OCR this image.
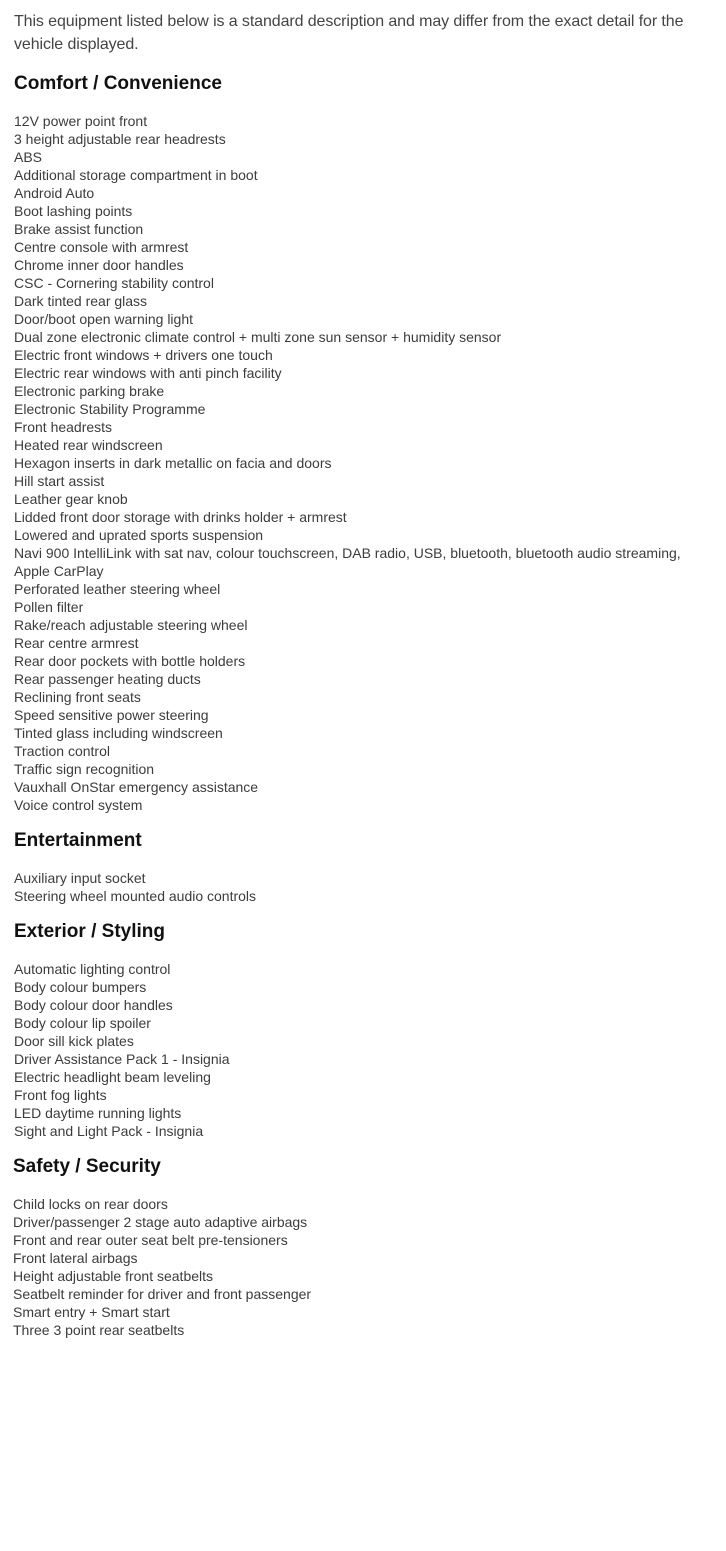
This equipment listed below is a standard description and may differ from the exact detail for the vehicle displayed.

Comfort / Convenience
12V power point front
3 height adjustable rear headrests
ABS
Additional storage compartment in boot
Android Auto
Boot lashing points
Brake assist function
Centre console with armrest
Chrome inner door handles
CSC - Cornering stability control
Dark tinted rear glass
Door/boot open warning light
Dual zone electronic climate control + multi zone sun sensor + humidity sensor
Electric front windows + drivers one touch
Electric rear windows with anti pinch facility
Electronic parking brake
Electronic Stability Programme
Front headrests
Heated rear windscreen
Hexagon inserts in dark metallic on facia and doors
Hill start assist
Leather gear knob
Lidded front door storage with drinks holder + armrest
Lowered and uprated sports suspension
Navi 900 IntelliLink with sat nav, colour touchscreen, DAB radio, USB, bluetooth, bluetooth audio streaming, Apple CarPlay
Perforated leather steering wheel
Pollen filter
Rake/reach adjustable steering wheel
Rear centre armrest
Rear door pockets with bottle holders
Rear passenger heating ducts
Reclining front seats
Speed sensitive power steering
Tinted glass including windscreen
Traction control
Traffic sign recognition
Vauxhall OnStar emergency assistance
Voice control system
Entertainment
Auxiliary input socket
Steering wheel mounted audio controls
Exterior / Styling
Automatic lighting control
Body colour bumpers
Body colour door handles
Body colour lip spoiler
Door sill kick plates
Driver Assistance Pack 1 - Insignia
Electric headlight beam leveling
Front fog lights
LED daytime running lights
Sight and Light Pack - Insignia
Safety / Security
Child locks on rear doors
Driver/passenger 2 stage auto adaptive airbags
Front and rear outer seat belt pre-tensioners
Front lateral airbags
Height adjustable front seatbelts
Seatbelt reminder for driver and front passenger
Smart entry + Smart start
Three 3 point rear seatbelts
